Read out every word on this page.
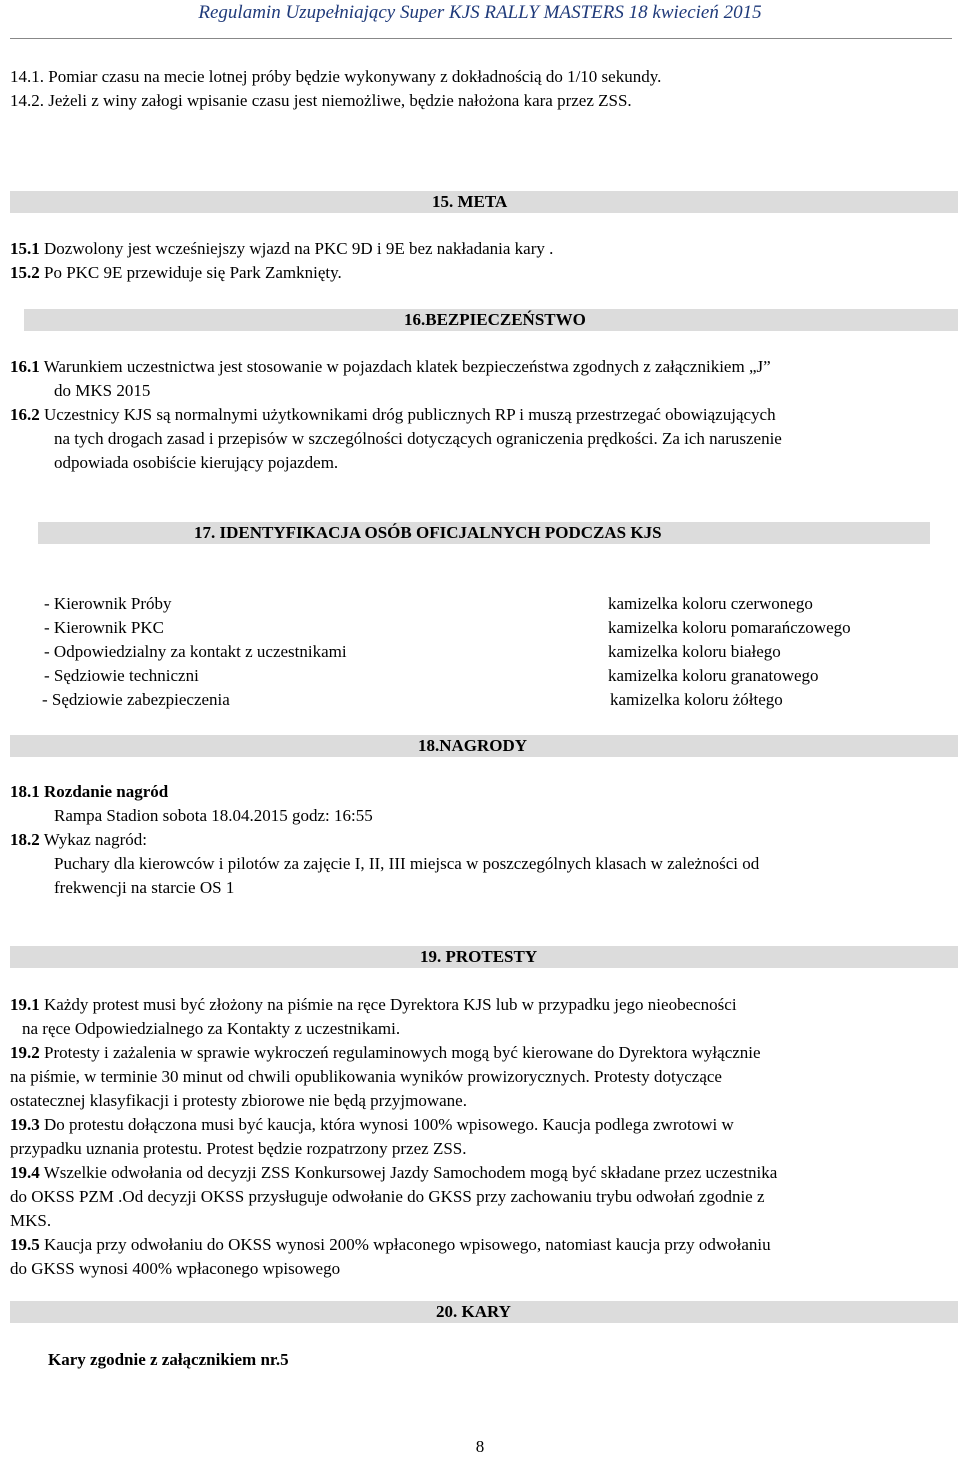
Regulamin Uzupełniający Super KJS RALLY MASTERS 18 kwiecień 2015
14.1. Pomiar czasu na mecie lotnej próby będzie wykonywany z dokładnością do 1/10 sekundy.
14.2. Jeżeli z winy załogi wpisanie czasu jest niemożliwe, będzie nałożona kara przez ZSS.
15. META
15.1 Dozwolony jest wcześniejszy wjazd na PKC 9D i 9E bez nakładania kary .
15.2 Po PKC 9E przewiduje się Park Zamknięty.
16.BEZPIECZEŃSTWO
16.1 Warunkiem uczestnictwa jest stosowanie w pojazdach klatek bezpieczeństwa zgodnych z załącznikiem „J”
do MKS 2015
16.2 Uczestnicy KJS są normalnymi użytkownikami dróg publicznych RP i muszą przestrzegać obowiązujących
na tych drogach zasad i przepisów w szczególności dotyczących ograniczenia prędkości. Za ich naruszenie
odpowiada osobiście kierujący pojazdem.
17. IDENTYFIKACJA OSÓB OFICJALNYCH PODCZAS KJS
- Kierownik Próby	kamizelka koloru czerwonego
- Kierownik PKC	kamizelka koloru pomarańczowego
- Odpowiedzialny za kontakt z uczestnikami	kamizelka koloru białego
- Sędziowie techniczni	kamizelka koloru granatowego
- Sędziowie zabezpieczenia	kamizelka koloru żółtego
18.NAGRODY
18.1 Rozdanie nagród
Rampa Stadion sobota 18.04.2015 godz: 16:55
18.2 Wykaz nagród:
Puchary dla kierowców i pilotów za zajęcie I, II, III miejsca w poszczególnych klasach w zależności od
frekwencji na starcie OS 1
19. PROTESTY
19.1 Każdy protest musi być złożony na piśmie na ręce Dyrektora KJS lub w przypadku jego nieobecności
na ręce Odpowiedzialnego za Kontakty z uczestnikami.
19.2 Protesty i zażalenia w sprawie wykroczeń regulaminowych mogą być kierowane do Dyrektora wyłącznie
na piśmie, w terminie 30 minut od chwili opublikowania wyników prowizorycznych. Protesty dotyczące
ostatecznej klasyfikacji i protesty zbiorowe nie będą przyjmowane.
19.3 Do protestu dołączona musi być kaucja, która wynosi 100% wpisowego. Kaucja podlega zwrotowi w
przypadku uznania protestu. Protest będzie rozpatrzony przez ZSS.
19.4 Wszelkie odwołania od decyzji ZSS Konkursowej Jazdy Samochodem mogą być składane przez uczestnika
do OKSS PZM .Od decyzji OKSS przysługuje odwołanie do GKSS przy zachowaniu trybu odwołań zgodnie z
MKS.
19.5 Kaucja przy odwołaniu do OKSS wynosi 200% wpłaconego wpisowego, natomiast kaucja przy odwołaniu
do GKSS wynosi 400% wpłaconego wpisowego
20. KARY
Kary zgodnie z załącznikiem nr.5
8
